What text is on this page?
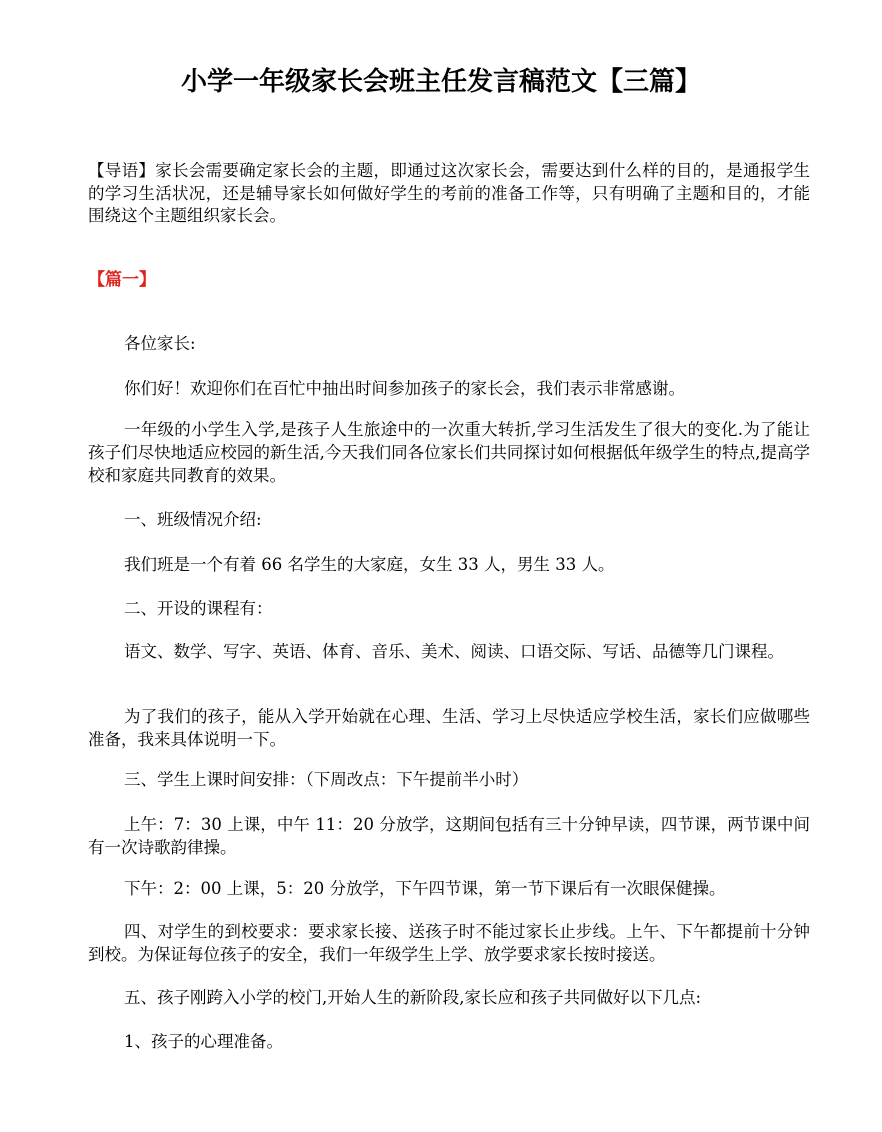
小学一年级家长会班主任发言稿范文【三篇】

【导语】家长会需要确定家长会的主题，即通过这次家长会，需要达到什么样的目的，是通报学生的学习生活状况，还是辅导家长如何做好学生的考前的准备工作等，只有明确了主题和目的，才能围绕这个主题组织家长会。

【篇一】

各位家长:

你们好！欢迎你们在百忙中抽出时间参加孩子的家长会，我们表示非常感谢。

一年级的小学生入学,是孩子人生旅途中的一次重大转折,学习生活发生了很大的变化.为了能让孩子们尽快地适应校园的新生活,今天我们同各位家长们共同探讨如何根据低年级学生的特点,提高学校和家庭共同教育的效果。

一、班级情况介绍:

我们班是一个有着 66 名学生的大家庭，女生 33 人，男生 33 人。

二、开设的课程有：

语文、数学、写字、英语、体育、音乐、美术、阅读、口语交际、写话、品德等几门课程。

为了我们的孩子，能从入学开始就在心理、生活、学习上尽快适应学校生活，家长们应做哪些准备，我来具体说明一下。

三、学生上课时间安排：（下周改点：下午提前半小时）

上午：7：30 上课，中午 11：20 分放学，这期间包括有三十分钟早读，四节课，两节课中间有一次诗歌韵律操。

下午：2：00 上课，5：20 分放学，下午四节课，第一节下课后有一次眼保健操。

四、对学生的到校要求：要求家长接、送孩子时不能过家长止步线。上午、下午都提前十分钟到校。为保证每位孩子的安全，我们一年级学生上学、放学要求家长按时接送。

五、孩子刚跨入小学的校门,开始人生的新阶段,家长应和孩子共同做好以下几点:

1、孩子的心理准备。
